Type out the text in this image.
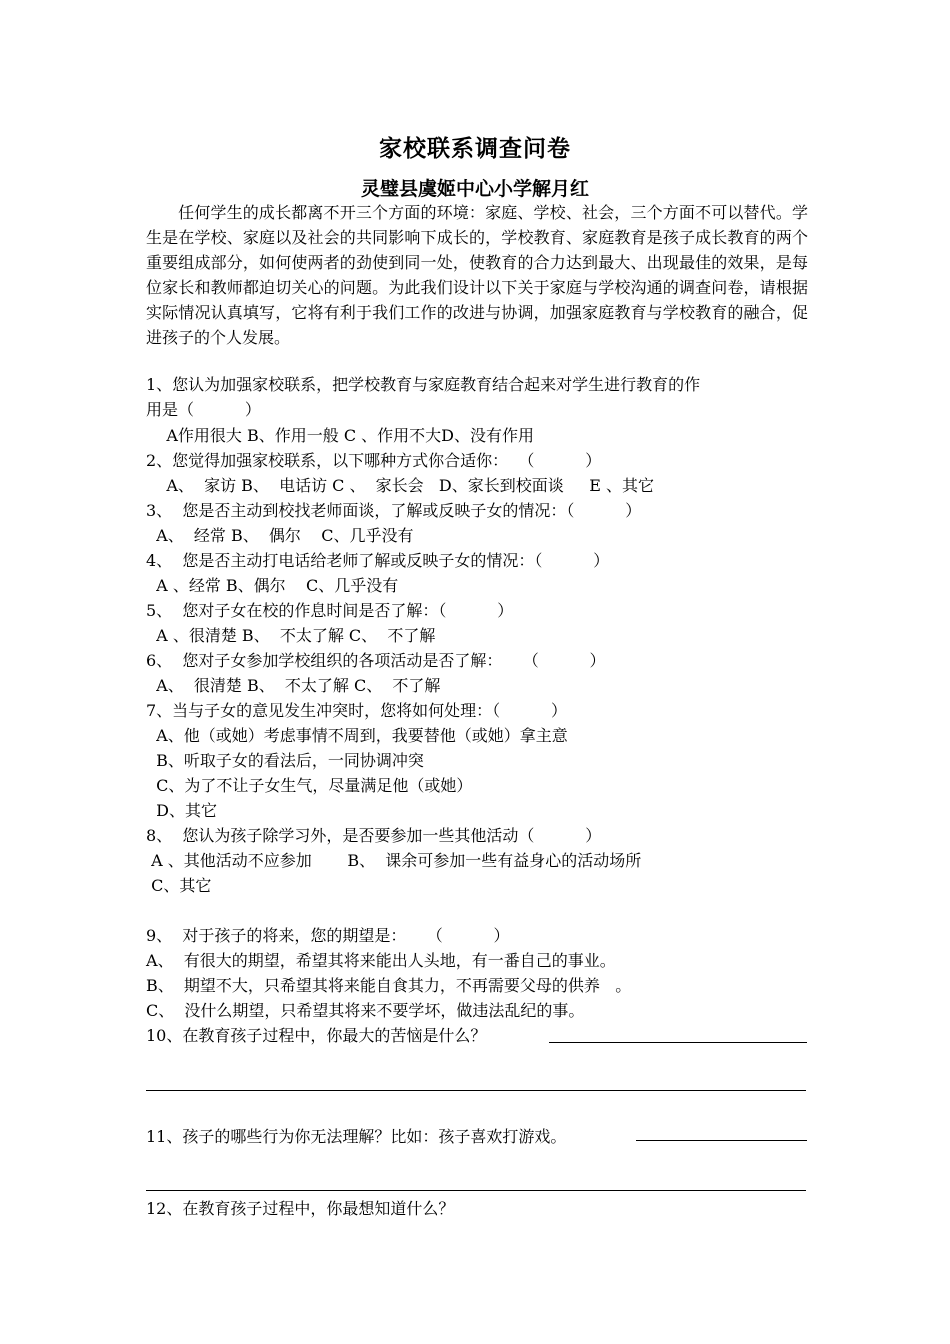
家校联系调查问卷
灵璧县虞姬中心小学解月红
任何学生的成长都离不开三个方面的环境：家庭、学校、社会，三个方面不可以替代。学生是在学校、家庭以及社会的共同影响下成长的，学校教育、家庭教育是孩子成长教育的两个重要组成部分，如何使两者的劲使到同一处，使教育的合力达到最大、出现最佳的效果，是每位家长和教师都迫切关心的问题。为此我们设计以下关于家庭与学校沟通的调查问卷，请根据实际情况认真填写，它将有利于我们工作的改进与协调，加强家庭教育与学校教育的融合，促进孩子的个人发展。
1、您认为加强家校联系，把学校教育与家庭教育结合起来对学生进行教育的作
用是（          ）
A作用很大 B、作用一般 C 、作用不大D、没有作用
2、您觉得加强家校联系，以下哪种方式你合适你：  （          ）
A、  家访 B、  电话访 C 、  家长会   D、家长到校面谈     E 、其它
3、  您是否主动到校找老师面谈，了解或反映子女的情况：（          ）
A、  经常 B、  偶尔    C、几乎没有
4、  您是否主动打电话给老师了解或反映子女的情况：（          ）
A 、经常 B、偶尔    C、几乎没有
5、  您对子女在校的作息时间是否了解：（          ）
A 、很清楚 B、  不太了解 C、  不了解
6、  您对子女参加学校组织的各项活动是否了解：    （          ）
A、  很清楚 B、  不太了解 C、  不了解
7、当与子女的意见发生冲突时，您将如何处理：（          ）
A、他（或她）考虑事情不周到，我要替他（或她）拿主意
B、听取子女的看法后，一同协调冲突
C、为了不让子女生气，尽量满足他（或她）
D、其它
8、  您认为孩子除学习外，是否要参加一些其他活动（          ）
A 、其他活动不应参加       B、  课余可参加一些有益身心的活动场所
C、其它
9、  对于孩子的将来，您的期望是：    （          ）
A、  有很大的期望，希望其将来能出人头地，有一番自己的事业。
B、  期望不大，只希望其将来能自食其力，不再需要父母的供养   。
C、  没什么期望，只希望其将来不要学坏，做违法乱纪的事。
10、在教育孩子过程中，你最大的苦恼是什么？
11、孩子的哪些行为你无法理解？比如：孩子喜欢打游戏。
12、在教育孩子过程中，你最想知道什么？
